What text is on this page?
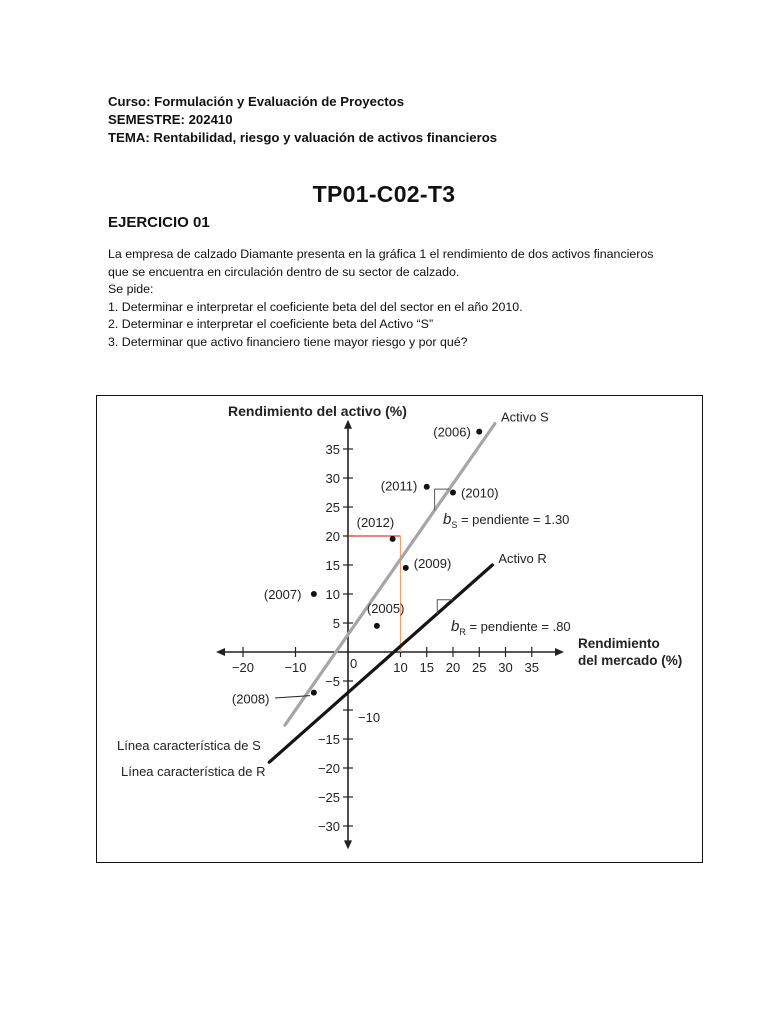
Curso: Formulación y Evaluación de Proyectos
SEMESTRE: 202410
TEMA: Rentabilidad, riesgo y valuación de activos financieros
TP01-C02-T3
EJERCICIO 01
La empresa de calzado Diamante presenta en la gráfica 1 el rendimiento de dos activos financieros
que se encuentra en circulación dentro de su sector de calzado.
Se pide:
1. Determinar e interpretar el coeficiente beta del del sector en el año 2010.
2. Determinar e interpretar el coeficiente beta del Activo “S”
3. Determinar que activo financiero tiene mayor riesgo y por qué?
Rendimiento del activo (%)
Rendimiento
del mercado (%)
Línea característica de S
Línea característica de R
$b_S$ = pendiente = 1.30
$b_R$ = pendiente = .80
0
−20 −10	10 15 20 25 30 35
35
30
25
20
15
10
5
−5
−10
−15
−20
−25
−30
Activo S
Activo R
(2006)
(2011)	(2010)
(2012)
(2009)
(2007)
(2005)
(2008)
